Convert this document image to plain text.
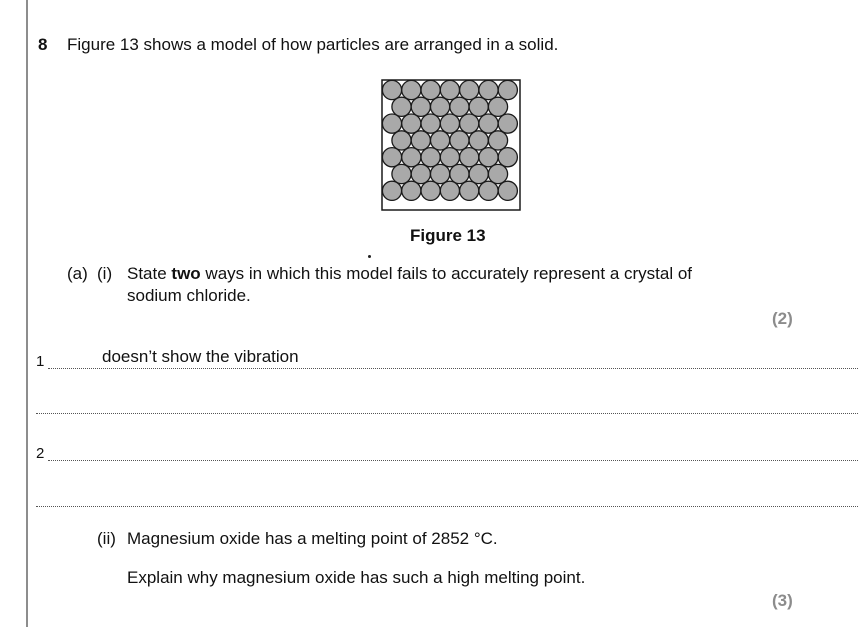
8 Figure 13 shows a model of how particles are arranged in a solid.
Figure 13
(a) (i) State two ways in which this model fails to accurately represent a crystal of
sodium chloride.
(2)
1	doesn’t show the vibration
2
(ii) Magnesium oxide has a melting point of 2852 °C.
Explain why magnesium oxide has such a high melting point.
(3)
